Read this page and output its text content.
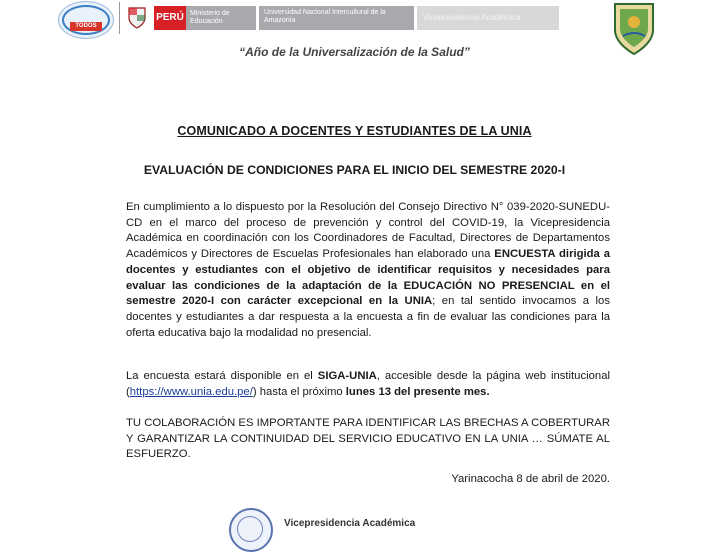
TODOS
PERÚ Ministerio de Educación
Universidad Nacional Intercultural de la Amazonía	Vicepresidencia Académica
“Año de la Universalización de la Salud”
COMUNICADO A DOCENTES Y ESTUDIANTES DE LA UNIA
EVALUACIÓN DE CONDICIONES PARA EL INICIO DEL SEMESTRE 2020-I
En cumplimiento a lo dispuesto por la Resolución del Consejo Directivo N° 039-2020-SUNEDU-CD en el marco del proceso de prevención y control del COVID-19, la Vicepresidencia Académica en coordinación con los Coordinadores de Facultad, Directores de Departamentos Académicos y Directores de Escuelas Profesionales han elaborado una ENCUESTA dirigida a docentes y estudiantes con el objetivo de identificar requisitos y necesidades para evaluar las condiciones de la adaptación de la EDUCACIÓN NO PRESENCIAL en el semestre 2020-I con carácter excepcional en la UNIA; en tal sentido invocamos a los docentes y estudiantes a dar respuesta a la encuesta a fin de evaluar las condiciones para la oferta educativa bajo la modalidad no presencial.
La encuesta estará disponible en el SIGA-UNIA, accesible desde la página web institucional (https://www.unia.edu.pe/) hasta el próximo lunes 13 del presente mes.
TU COLABORACIÓN ES IMPORTANTE PARA IDENTIFICAR LAS BRECHAS A COBERTURAR Y GARANTIZAR LA CONTINUIDAD DEL SERVICIO EDUCATIVO EN LA UNIA … SÚMATE AL ESFUERZO.
Yarinacocha 8 de abril de 2020.
Vicepresidencia Académica
